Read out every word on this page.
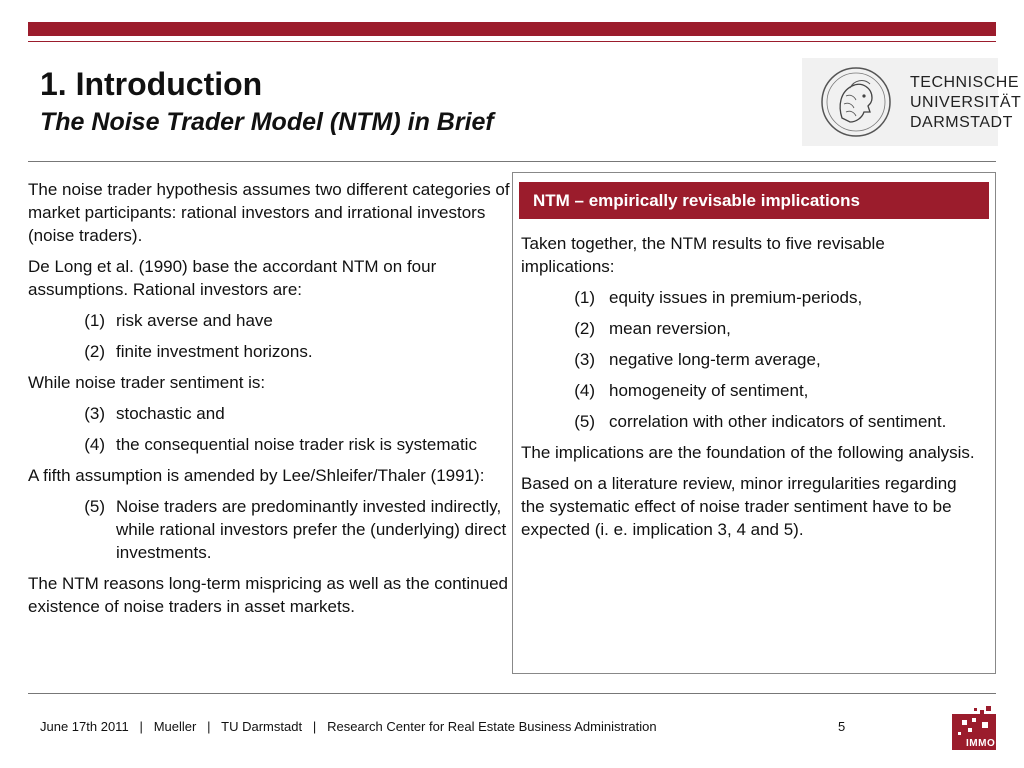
1. Introduction
The Noise Trader Model (NTM) in Brief
TECHNISCHE
UNIVERSITÄT
DARMSTADT

The noise trader hypothesis assumes two different categories of market participants: rational investors and irrational investors (noise traders).

De Long et al. (1990) base the accordant NTM on four assumptions. Rational investors are:

(1) risk averse and have
(2) finite investment horizons.

While noise trader sentiment is:

(3) stochastic and
(4) the consequential noise trader risk is systematic

A fifth assumption is amended by Lee/Shleifer/Thaler (1991):

(5) Noise traders are predominantly invested indirectly, while rational investors prefer the (underlying) direct investments.

The NTM reasons long-term mispricing as well as the continued existence of noise traders in asset markets.

NTM – empirically revisable implications

Taken together, the NTM results to five revisable implications:

(1) equity issues in premium-periods,
(2) mean reversion,
(3) negative long-term average,
(4) homogeneity of sentiment,
(5) correlation with other indicators of sentiment.

The implications are the foundation of the following analysis.

Based on a literature review, minor irregularities regarding the systematic effect of noise trader sentiment have to be expected (i. e. implication 3, 4 and 5).

June 17th 2011   |   Mueller   |   TU Darmstadt   |   Research Center for Real Estate Business Administration	5
IMMO
